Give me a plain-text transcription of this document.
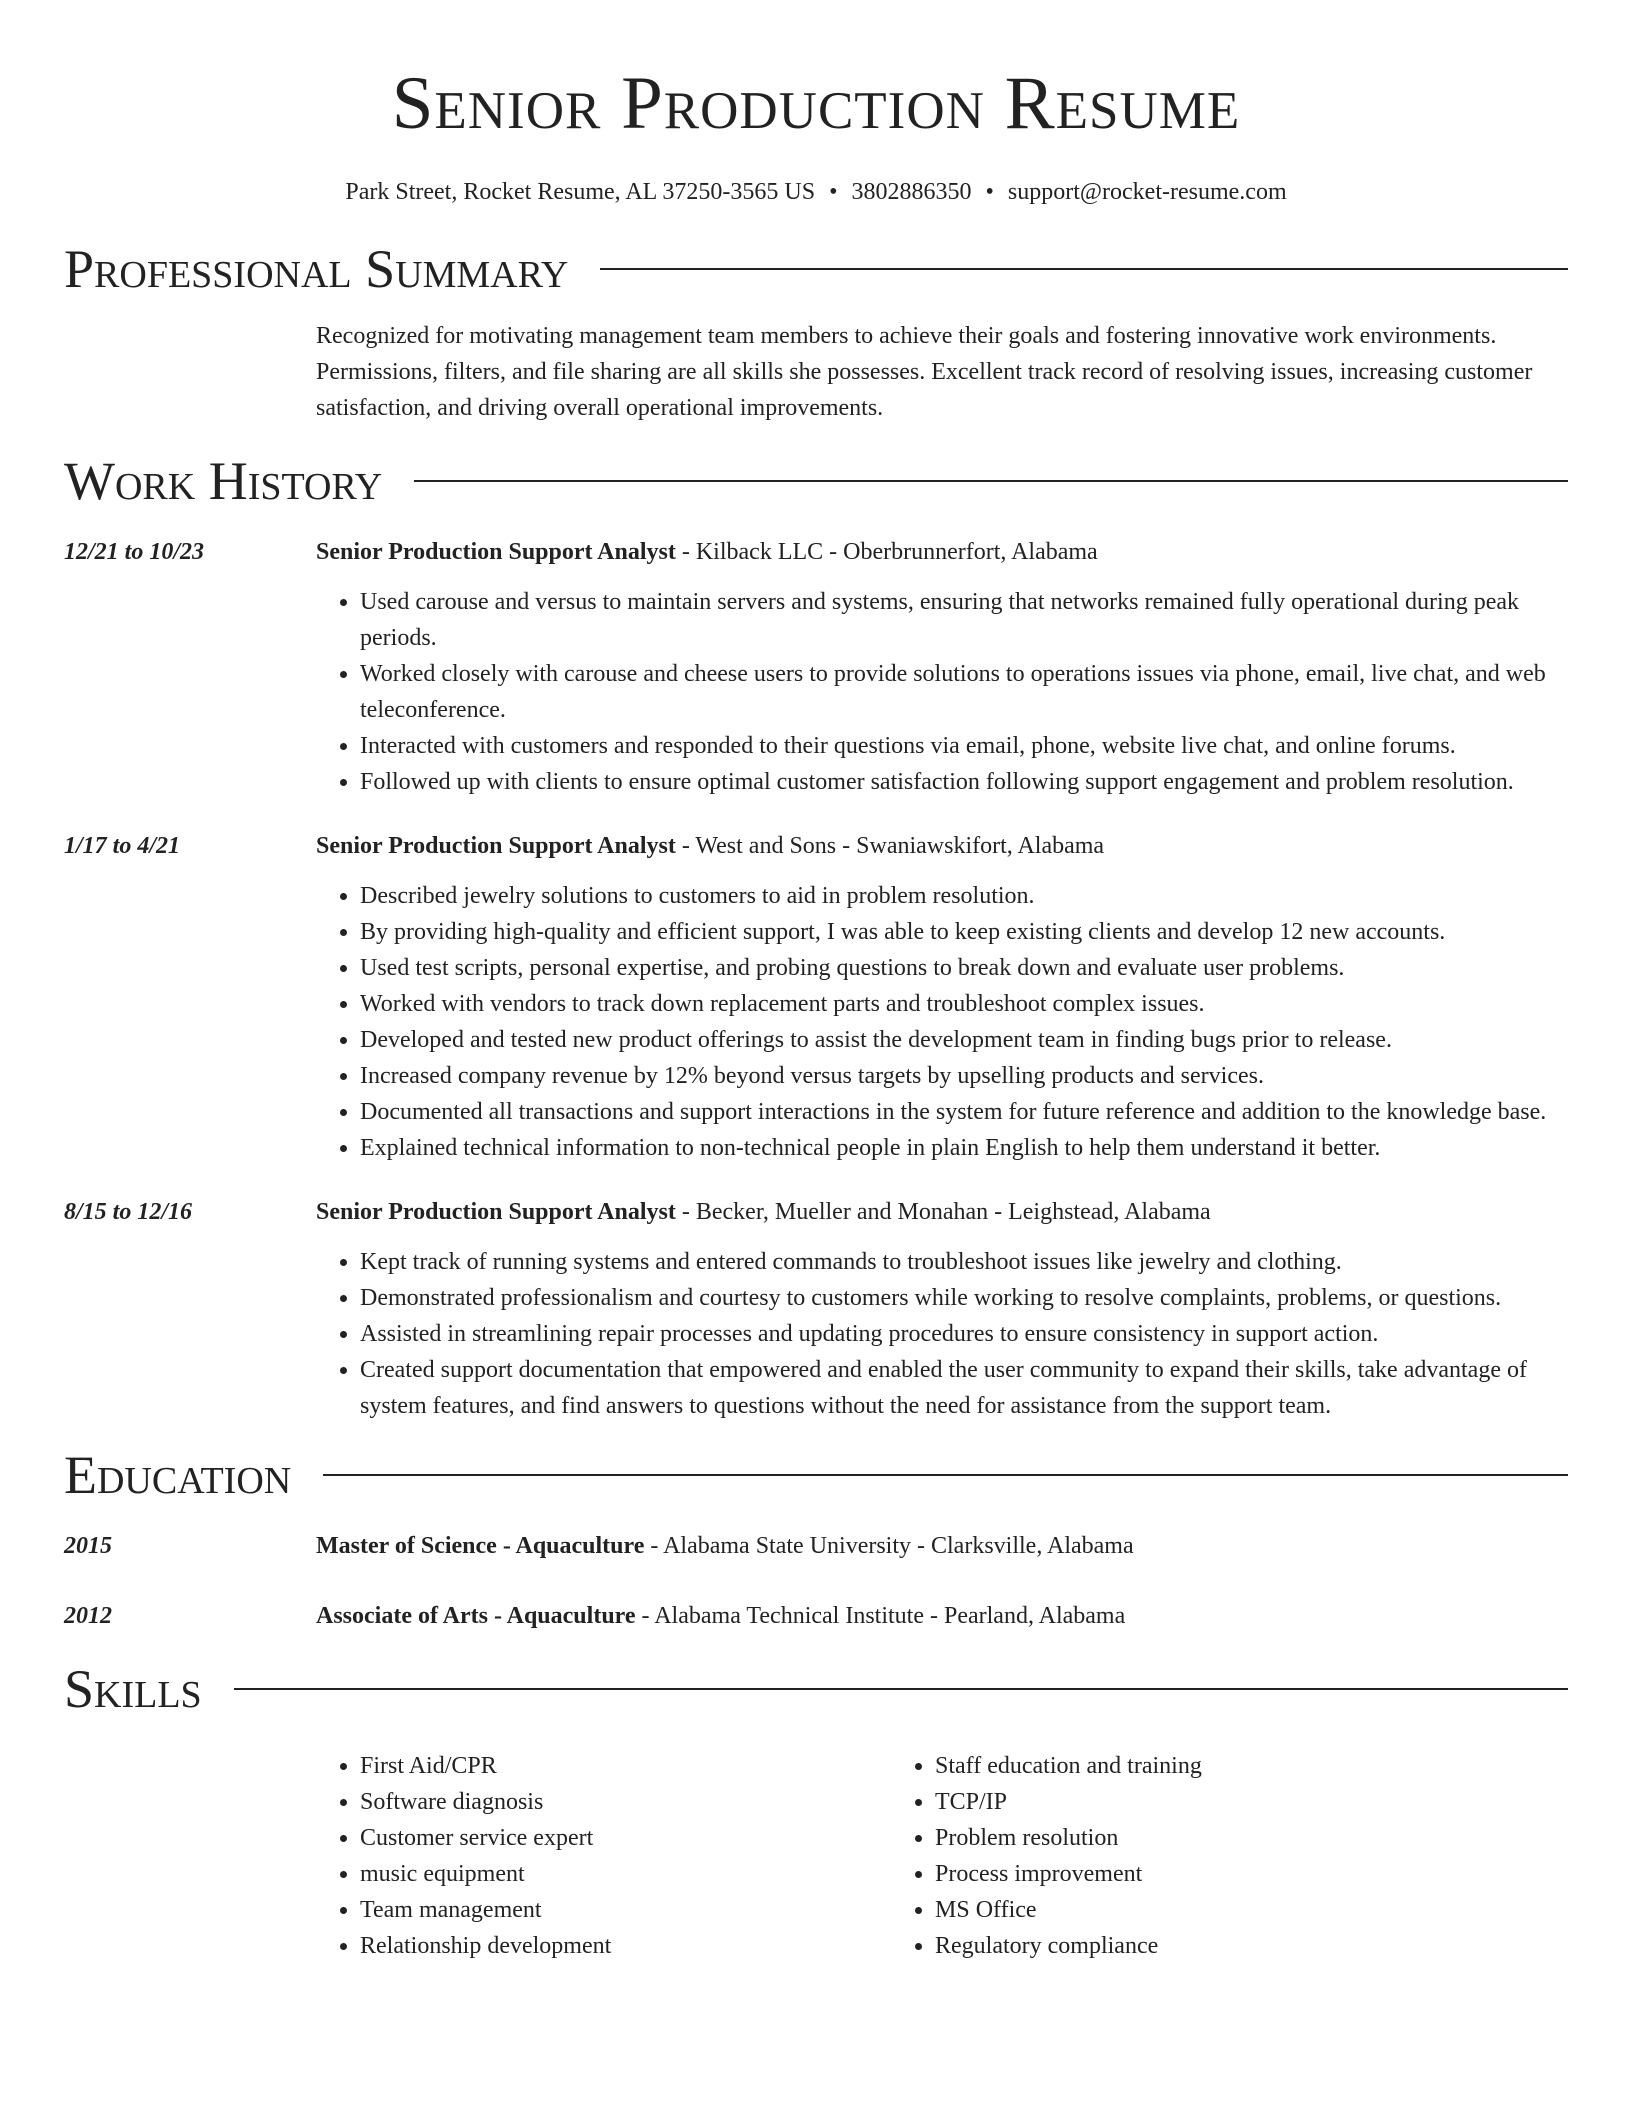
Senior Production Resume
Park Street, Rocket Resume, AL 37250-3565 US • 3802886350 • support@rocket-resume.com
Professional Summary
Recognized for motivating management team members to achieve their goals and fostering innovative work environments. Permissions, filters, and file sharing are all skills she possesses. Excellent track record of resolving issues, increasing customer satisfaction, and driving overall operational improvements.
Work History
12/21 to 10/23	Senior Production Support Analyst - Kilback LLC - Oberbrunnerfort, Alabama
• Used carouse and versus to maintain servers and systems, ensuring that networks remained fully operational during peak periods.
• Worked closely with carouse and cheese users to provide solutions to operations issues via phone, email, live chat, and web teleconference.
• Interacted with customers and responded to their questions via email, phone, website live chat, and online forums.
• Followed up with clients to ensure optimal customer satisfaction following support engagement and problem resolution.
1/17 to 4/21	Senior Production Support Analyst - West and Sons - Swaniawskifort, Alabama
• Described jewelry solutions to customers to aid in problem resolution.
• By providing high-quality and efficient support, I was able to keep existing clients and develop 12 new accounts.
• Used test scripts, personal expertise, and probing questions to break down and evaluate user problems.
• Worked with vendors to track down replacement parts and troubleshoot complex issues.
• Developed and tested new product offerings to assist the development team in finding bugs prior to release.
• Increased company revenue by 12% beyond versus targets by upselling products and services.
• Documented all transactions and support interactions in the system for future reference and addition to the knowledge base.
• Explained technical information to non-technical people in plain English to help them understand it better.
8/15 to 12/16	Senior Production Support Analyst - Becker, Mueller and Monahan - Leighstead, Alabama
• Kept track of running systems and entered commands to troubleshoot issues like jewelry and clothing.
• Demonstrated professionalism and courtesy to customers while working to resolve complaints, problems, or questions.
• Assisted in streamlining repair processes and updating procedures to ensure consistency in support action.
• Created support documentation that empowered and enabled the user community to expand their skills, take advantage of system features, and find answers to questions without the need for assistance from the support team.
Education
2015	Master of Science - Aquaculture - Alabama State University - Clarksville, Alabama
2012	Associate of Arts - Aquaculture - Alabama Technical Institute - Pearland, Alabama
Skills
• First Aid/CPR
• Software diagnosis
• Customer service expert
• music equipment
• Team management
• Relationship development
• Staff education and training
• TCP/IP
• Problem resolution
• Process improvement
• MS Office
• Regulatory compliance
